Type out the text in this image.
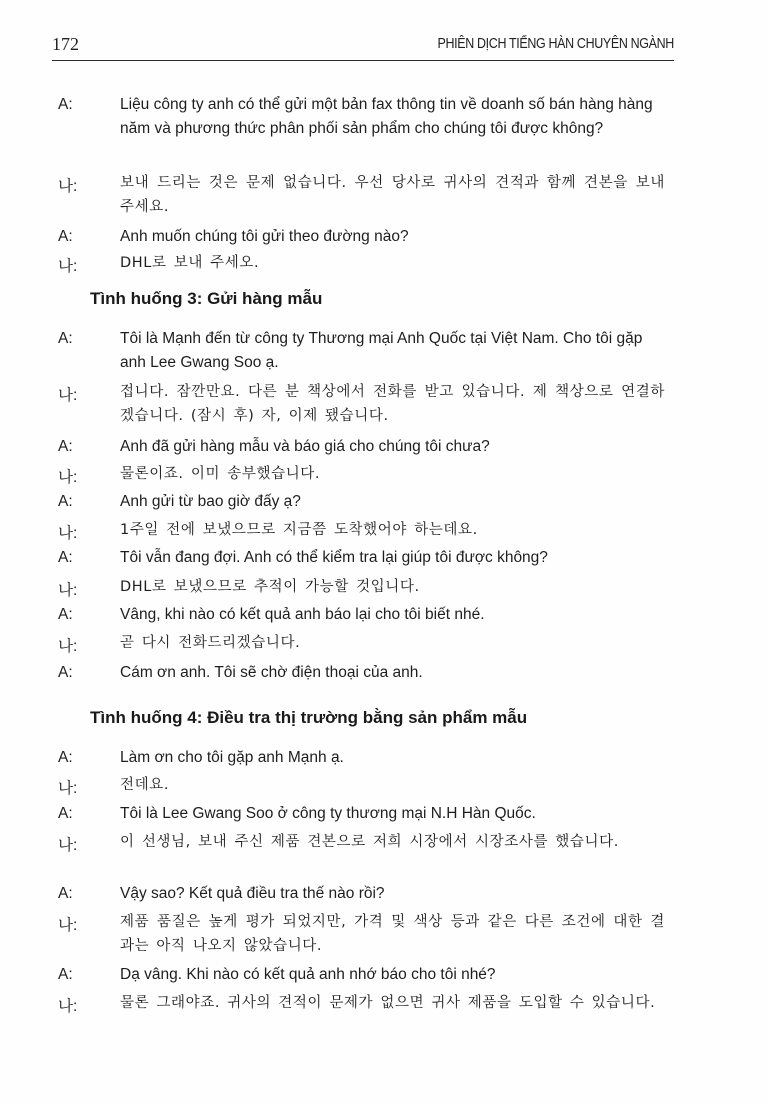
172	PHIÊN DỊCH TIẾNG HÀN CHUYÊN NGÀNH
A:	Liệu công ty anh có thể gửi một bản fax thông tin về doanh số bán hàng hàng năm và phương thức phân phối sản phẩm cho chúng tôi được không?
나:	보내 드리는 것은 문제 없습니다. 우선 당사로 귀사의 견적과 함께 견본을 보내 주세요.
A:	Anh muốn chúng tôi gửi theo đường nào?
나:	DHL로 보내 주세오.
Tình huống 3: Gửi hàng mẫu
A:	Tôi là Mạnh đến từ công ty Thương mại Anh Quốc tại Việt Nam. Cho tôi gặp anh Lee Gwang Soo ạ.
나:	접니다. 잠깐만요. 다른 분 책상에서 전화를 받고 있습니다. 제 책상으로 연결하겠습니다. (잠시 후) 자, 이제 됐습니다.
A:	Anh đã gửi hàng mẫu và báo giá cho chúng tôi chưa?
나:	물론이죠. 이미 송부했습니다.
A:	Anh gửi từ bao giờ đấy ạ?
나:	1주일 전에 보냈으므로 지금쯤 도착했어야 하는데요.
A:	Tôi vẫn đang đợi. Anh có thể kiểm tra lại giúp tôi được không?
나:	DHL로 보냈으므로 추적이 가능할 것입니다.
A:	Vâng, khi nào có kết quả anh báo lại cho tôi biết nhé.
나:	곧 다시 전화드리겠습니다.
A:	Cám ơn anh. Tôi sẽ chờ điện thoại của anh.
Tình huống 4: Điều tra thị trường bằng sản phẩm mẫu
A:	Làm ơn cho tôi gặp anh Mạnh ạ.
나:	전데요.
A:	Tôi là Lee Gwang Soo ở công ty thương mại N.H Hàn Quốc.
나:	이 선생님, 보내 주신 제품 견본으로 저희 시장에서 시장조사를 했습니다.
A:	Vậy sao? Kết quả điều tra thế nào rồi?
나:	제품 품질은 높게 평가 되었지만, 가격 및 색상 등과 같은 다른 조건에 대한 결과는 아직 나오지 않았습니다.
A:	Dạ vâng. Khi nào có kết quả anh nhớ báo cho tôi nhé?
나:	물론 그래야죠. 귀사의 견적이 문제가 없으면 귀사 제품을 도입할 수 있습니다.
